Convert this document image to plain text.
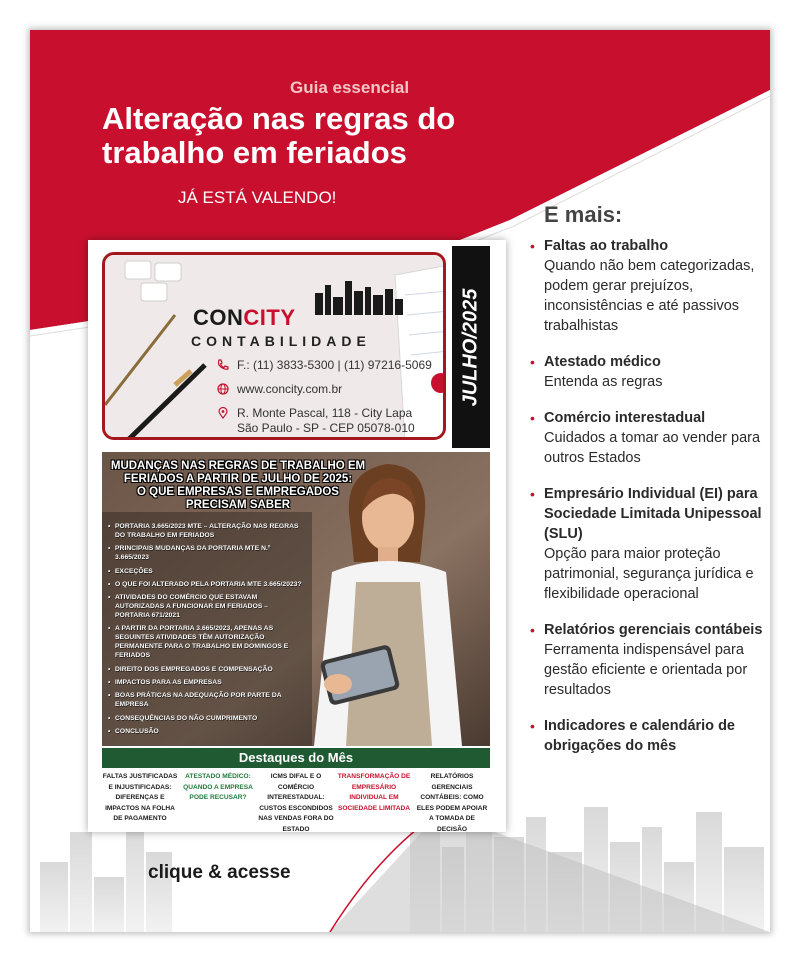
Guia essencial
Alteração nas regras do
trabalho em feriados
JÁ ESTÁ VALENDO!
E mais:
• Faltas ao trabalho
Quando não bem categorizadas, podem gerar prejuízos, inconsistências e até passivos trabalhistas
• Atestado médico
Entenda as regras
• Comércio interestadual
Cuidados a tomar ao vender para outros Estados
• Empresário Individual (EI) para Sociedade Limitada Unipessoal (SLU)
Opção para maior proteção patrimonial, segurança jurídica e flexibilidade operacional
• Relatórios gerenciais contábeis
Ferramenta indispensável para gestão eficiente e orientada por resultados
• Indicadores e calendário de obrigações do mês
CONCITY
CONTABILIDADE
F.: (11) 3833-5300 | (11) 97216-5069
www.concity.com.br
R. Monte Pascal, 118 - City Lapa
São Paulo - SP - CEP 05078-010
JULHO/2025
MUDANÇAS NAS REGRAS DE TRABALHO EM
FERIADOS A PARTIR DE JULHO DE 2025:
O QUE EMPRESAS E EMPREGADOS
PRECISAM SABER
• PORTARIA 3.665/2023 MTE – ALTERAÇÃO NAS REGRAS DO TRABALHO EM FERIADOS
• PRINCIPAIS MUDANÇAS DA PORTARIA MTE N.º 3.665/2023
• EXCEÇÕES
• O QUE FOI ALTERADO PELA PORTARIA MTE 3.665/2023?
• ATIVIDADES DO COMÉRCIO QUE ESTAVAM AUTORIZADAS A FUNCIONAR EM FERIADOS – PORTARIA 671/2021
• A PARTIR DA PORTARIA 3.665/2023, APENAS AS SEGUINTES ATIVIDADES TÊM AUTORIZAÇÃO PERMANENTE PARA O TRABALHO EM DOMINGOS E FERIADOS
• DIREITO DOS EMPREGADOS E COMPENSAÇÃO
• IMPACTOS PARA AS EMPRESAS
• BOAS PRÁTICAS NA ADEQUAÇÃO POR PARTE DA EMPRESA
• CONSEQUÊNCIAS DO NÃO CUMPRIMENTO
• CONCLUSÃO
Destaques do Mês
FALTAS JUSTIFICADAS E INJUSTIFICADAS: DIFERENÇAS E IMPACTOS NA FOLHA DE PAGAMENTO
ATESTADO MÉDICO: QUANDO A EMPRESA PODE RECUSAR?
ICMS DIFAL E O COMÉRCIO INTERESTADUAL: CUSTOS ESCONDIDOS NAS VENDAS FORA DO ESTADO
TRANSFORMAÇÃO DE EMPRESÁRIO INDIVIDUAL EM SOCIEDADE LIMITADA
RELATÓRIOS GERENCIAIS CONTÁBEIS: COMO ELES PODEM APOIAR A TOMADA DE DECISÃO
clique & acesse
